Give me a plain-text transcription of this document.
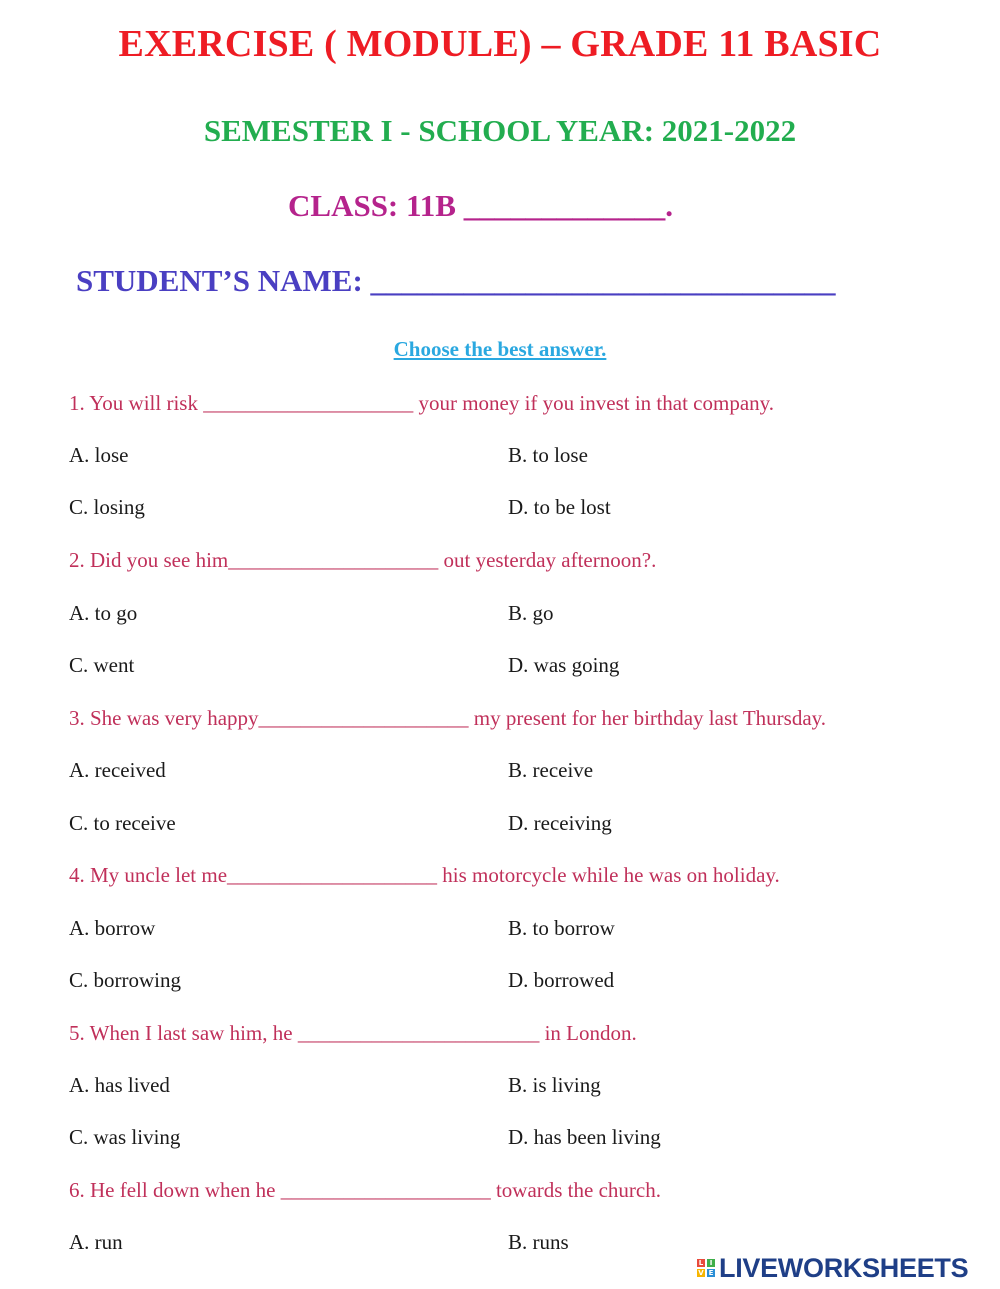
EXERCISE ( MODULE) – GRADE 11 BASIC
SEMESTER I - SCHOOL YEAR: 2021-2022
CLASS: 11B _____________.
STUDENT’S NAME: ______________________________
Choose the best answer.
1. You will risk ____________________ your money if you invest in that company.
A. lose	B. to lose
C. losing	D. to be lost
2. Did you see him____________________ out yesterday afternoon?.
A. to go	B. go
C. went	D. was going
3. She was very happy____________________ my present for her birthday last Thursday.
A. received	B. receive
C. to receive	D. receiving
4. My uncle let me____________________ his motorcycle while he was on holiday.
A. borrow	B. to borrow
C. borrowing	D. borrowed
5. When I last saw him, he _______________________ in London.
A. has lived	B. is living
C. was living	D. has been living
6. He fell down when he ____________________ towards the church.
A. run	B. runs
L I
V E LIVEWORKSHEETS
